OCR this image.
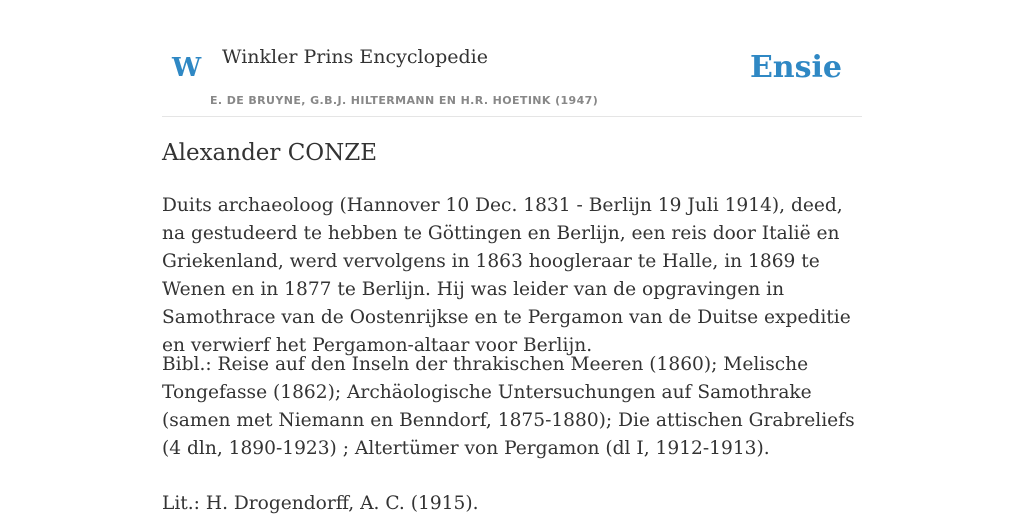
W Winkler Prins Encyclopedie
E. DE BRUYNE, G.B.J. HILTERMANN EN H.R. HOETINK (1947)
Ensie
Alexander CONZE

Duits archaeoloog (Hannover 10 Dec. 1831 - Berlijn 19 Juli 1914), deed, na gestudeerd te hebben te Göttingen en Berlijn, een reis door Italië en Griekenland, werd vervolgens in 1863 hoogleraar te Halle, in 1869 te Wenen en in 1877 te Berlijn. Hij was leider van de opgravingen in Samothrace van de Oostenrijkse en te Pergamon van de Duitse expeditie en verwierf het Pergamon-altaar voor Berlijn.

Bibl.: Reise auf den Inseln der thrakischen Meeren (1860); Melische Tongefasse (1862); Archäologische Untersuchungen auf Samothrake (samen met Niemann en Benndorf, 1875-1880); Die attischen Grabreliefs (4 dln, 1890-1923) ; Altertümer von Pergamon (dl I, 1912-1913).

Lit.: H. Drogendorff, A. C. (1915).
